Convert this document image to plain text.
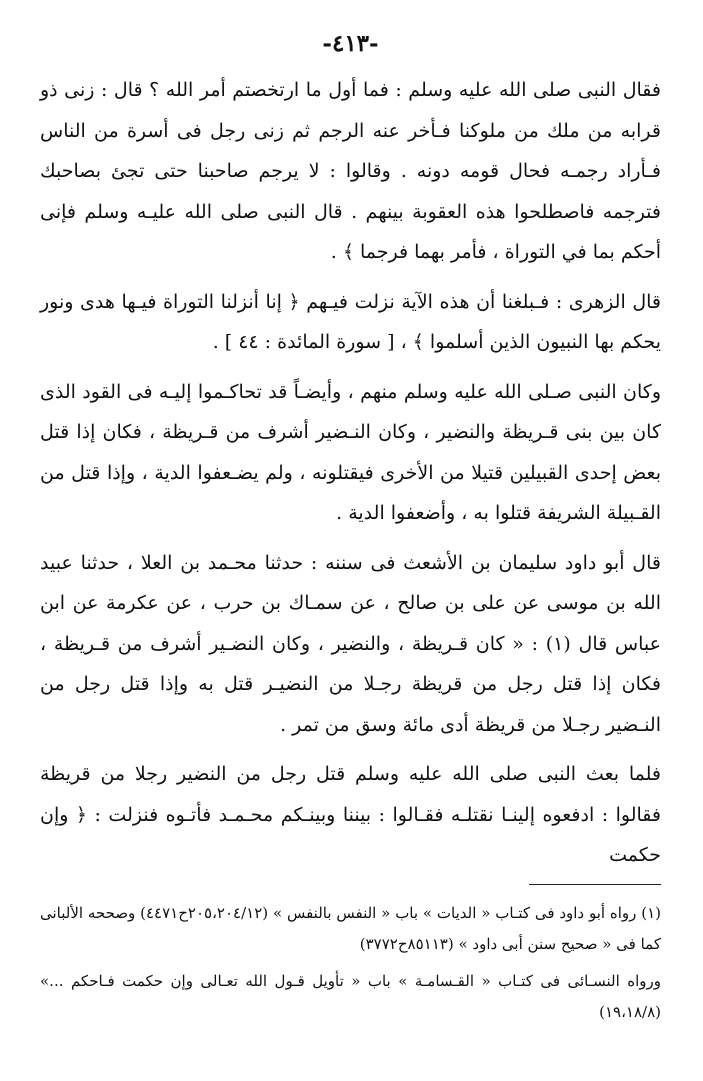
-٤١٣-

فقال النبى صلى الله عليه وسلم : فما أول ما ارتخصتم أمر الله ؟ قال : زنى ذو قرابه من ملك من ملوكنا فـأخر عنه الرجم ثم زنى رجل فى أسرة من الناس فـأراد رجمـه فحال قومه دونه . وقالوا : لا يرجم صاحبنا حتى تجئ بصاحبك فترجمه فاصطلحوا هذه العقوبة بينهم . قال النبى صلى الله عليـه وسلم فإنى أحكم بما في التوراة ، فأمر بهما فرجما ﴾ .

قال الزهرى : فـبلغنا أن هذه الآية نزلت فيـهم ﴿ إنا أنزلنا التوراة فيـها هدى ونور يحكم بها النبيون الذين أسلموا ﴾ ، [ سورة المائدة : ٤٤ ] .

وكان النبى صـلى الله عليه وسلم منهم ، وأيضـاً قد تحاكـموا إليـه فى القود الذى كان بين بنى قـريظة والنضير ، وكان النـضير أشرف من قـريظة ، فكان إذا قتل بعض إحدى القبيلين قتيلا من الأخرى فيقتلونه ، ولم يضـعفوا الدية ، وإذا قتل من القـبيلة الشريفة قتلوا به ، وأضعفوا الدية .

قال أبو داود سليمان بن الأشعث فى سننه : حدثنا محـمد بن العلا ، حدثنا عبيد الله بن موسى عن على بن صالح ، عن سمـاك بن حرب ، عن عكرمة عن ابن عباس قال (١) : « كان قـريظة ، والنضير ، وكان النضـير أشرف من قـريظة ، فكان إذا قتل رجل من قريظة رجـلا من النضيـر قتل به وإذا قتل رجل من النـضير رجـلا من قريظة أدى مائة وسق من تمر .

فلما بعث النبى صلى الله عليه وسلم قتل رجل من النضير رجلا من قريظة فقالوا : ادفعوه إلينـا نقتلـه فقـالوا : بيننا وبينـكم محـمـد فأتـوه فنزلت : ﴿ وإن حكمت

(١) رواه أبو داود فى كتـاب « الديات » باب « النفس بالنفس » (٢٠٥،٢٠٤/١٢ح٤٤٧١) وصححه الألبانى كما فى « صحيح سنن أبى داود » (٨٥١١٣ح٣٧٧٢)

ورواه النسـائى فى كتـاب « القـسامـة » باب « تأويل قـول الله تعـالى وإن حكمت فـاحكم ...» (١٩،١٨/٨)
